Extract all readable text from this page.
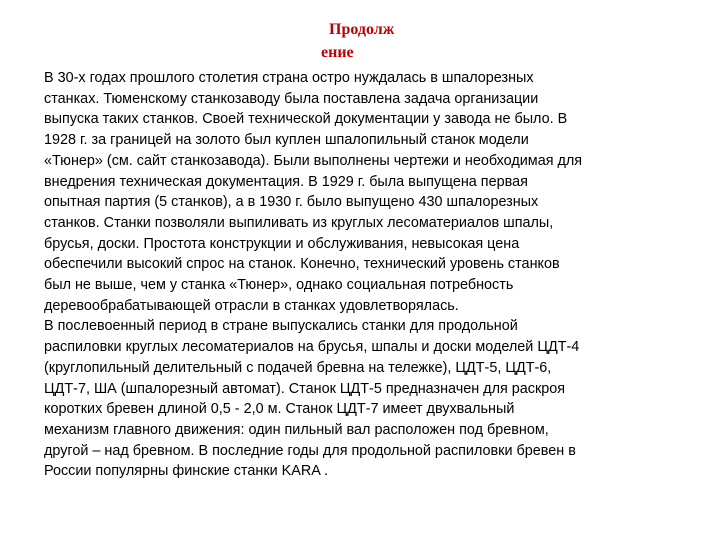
Продолж
ение
В 30-х годах прошлого столетия страна остро нуждалась в шпалорезных
станках. Тюменскому станкозаводу была поставлена задача организации
выпуска таких станков. Своей технической документации у завода не было. В
1928 г. за границей на золото был куплен шпалопильный станок модели
«Тюнер» (см. сайт станкозавода). Были выполнены чертежи и необходимая для
внедрения техническая документация. В 1929 г. была выпущена первая
опытная партия (5 станков), а в 1930 г. было выпущено 430 шпалорезных
станков. Станки позволяли выпиливать из круглых лесоматериалов шпалы,
брусья, доски. Простота конструкции и обслуживания, невысокая цена
обеспечили высокий спрос на станок. Конечно, технический уровень станков
был не выше, чем у станка «Тюнер», однако социальная потребность
деревообрабатывающей отрасли в станках удовлетворялась.
В послевоенный период в стране выпускались станки для продольной
распиловки круглых лесоматериалов на брусья, шпалы и доски моделей ЦДТ-4
(круглопильный делительный с подачей бревна на тележке), ЦДТ-5, ЦДТ-6,
ЦДТ-7, ША (шпалорезный автомат). Станок ЦДТ-5 предназначен для раскроя
коротких бревен длиной 0,5 - 2,0 м. Станок ЦДТ-7 имеет двухвальный
механизм главного движения: один пильный вал расположен под бревном,
другой – над бревном. В последние годы для продольной распиловки бревен в
России популярны финские станки KARA .
